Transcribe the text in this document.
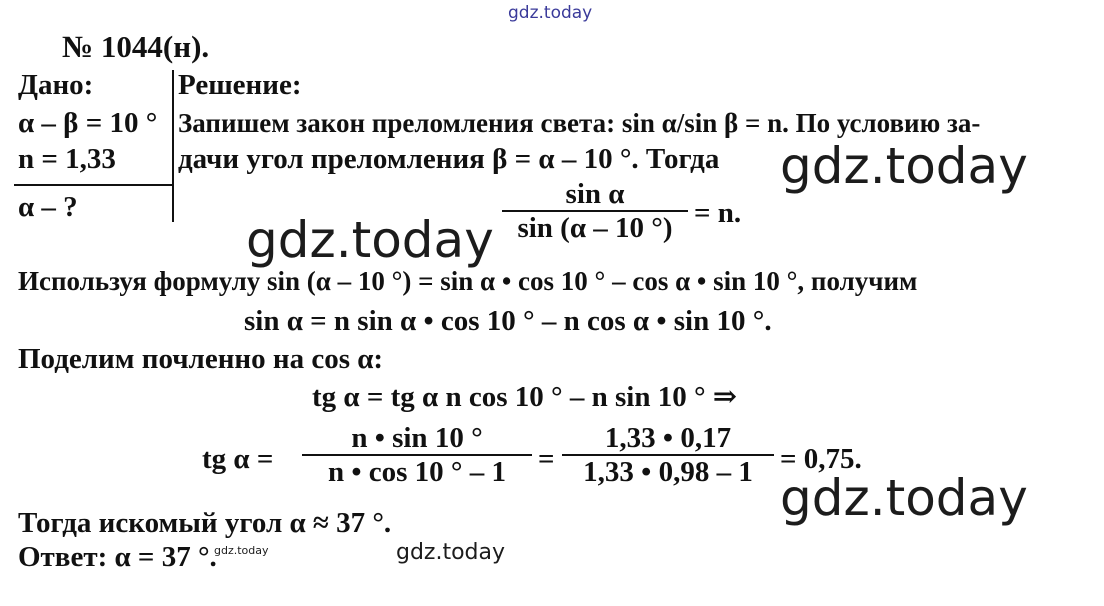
gdz.today
gdz.today
gdz.today
gdz.today
gdz.today
gdz.today
№ 1044(н).
Дано:
α – β = 10 °
n = 1,33
α – ?
Решение:
Запишем закон преломления света: sin α/sin β = n. По условию за-
дачи угол преломления β = α – 10 °. Тогда
sin α
sin (α – 10 °) = n.
Используя формулу sin (α – 10 °) = sin α • cos 10 ° – cos α • sin 10 °, получим
sin α = n sin α • cos 10 ° – n cos α • sin 10 °.
Поделим почленно на cos α:
tg α = tg α n cos 10 ° – n sin 10 ° ⇒
tg α =
n • sin 10 °
n • cos 10 ° – 1 =
1,33 • 0,17
1,33 • 0,98 – 1 = 0,75.
Тогда искомый угол α ≈ 37 °.
Ответ: α = 37 °.
